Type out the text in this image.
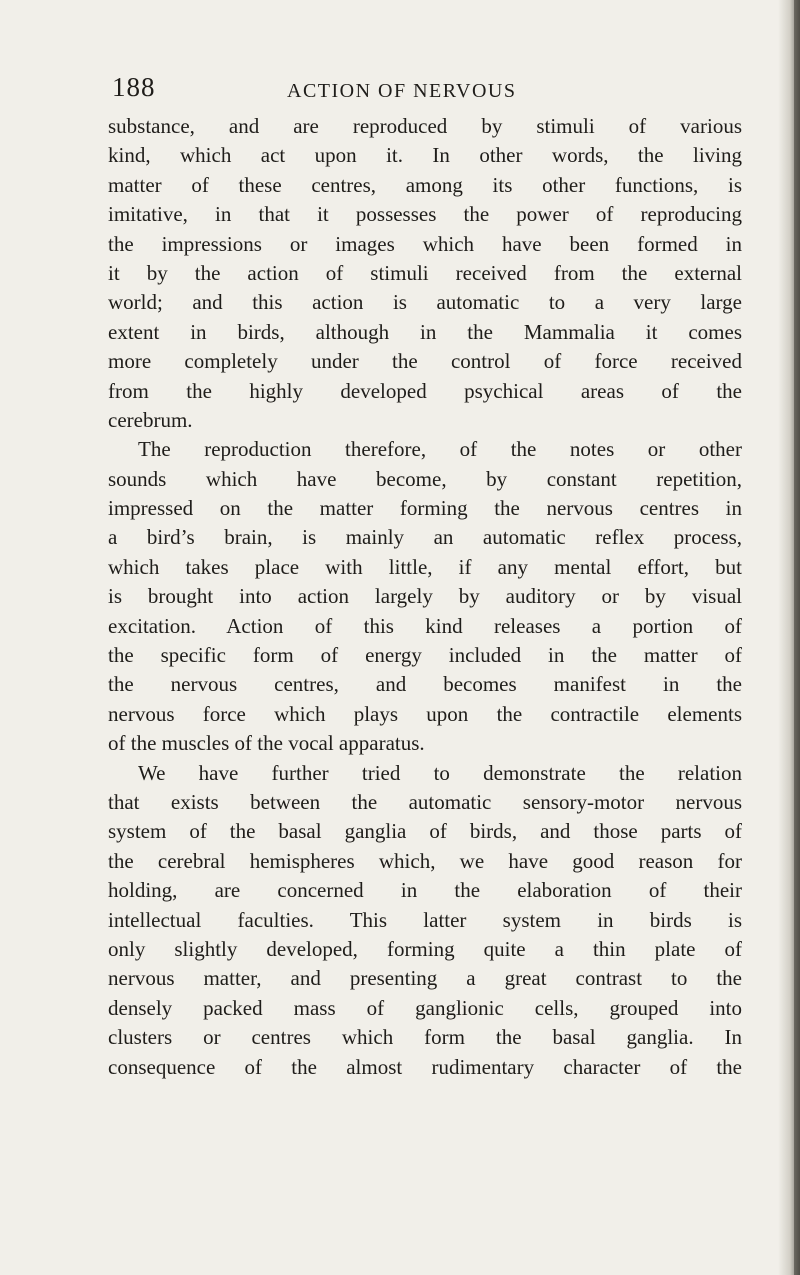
188	ACTION OF NERVOUS
substance, and are reproduced by stimuli of various
kind, which act upon it. In other words, the living
matter of these centres, among its other functions, is
imitative, in that it possesses the power of reproducing
the impressions or images which have been formed in
it by the action of stimuli received from the external
world; and this action is automatic to a very large
extent in birds, although in the Mammalia it comes
more completely under the control of force received
from the highly developed psychical areas of the
cerebrum.
The reproduction therefore, of the notes or other
sounds which have become, by constant repetition,
impressed on the matter forming the nervous centres in
a bird’s brain, is mainly an automatic reflex process,
which takes place with little, if any mental effort, but
is brought into action largely by auditory or by visual
excitation. Action of this kind releases a portion of
the specific form of energy included in the matter of
the nervous centres, and becomes manifest in the
nervous force which plays upon the contractile elements
of the muscles of the vocal apparatus.
We have further tried to demonstrate the relation
that exists between the automatic sensory-motor nervous
system of the basal ganglia of birds, and those parts of
the cerebral hemispheres which, we have good reason for
holding, are concerned in the elaboration of their
intellectual faculties. This latter system in birds is
only slightly developed, forming quite a thin plate of
nervous matter, and presenting a great contrast to the
densely packed mass of ganglionic cells, grouped into
clusters or centres which form the basal ganglia. In
consequence of the almost rudimentary character of the
